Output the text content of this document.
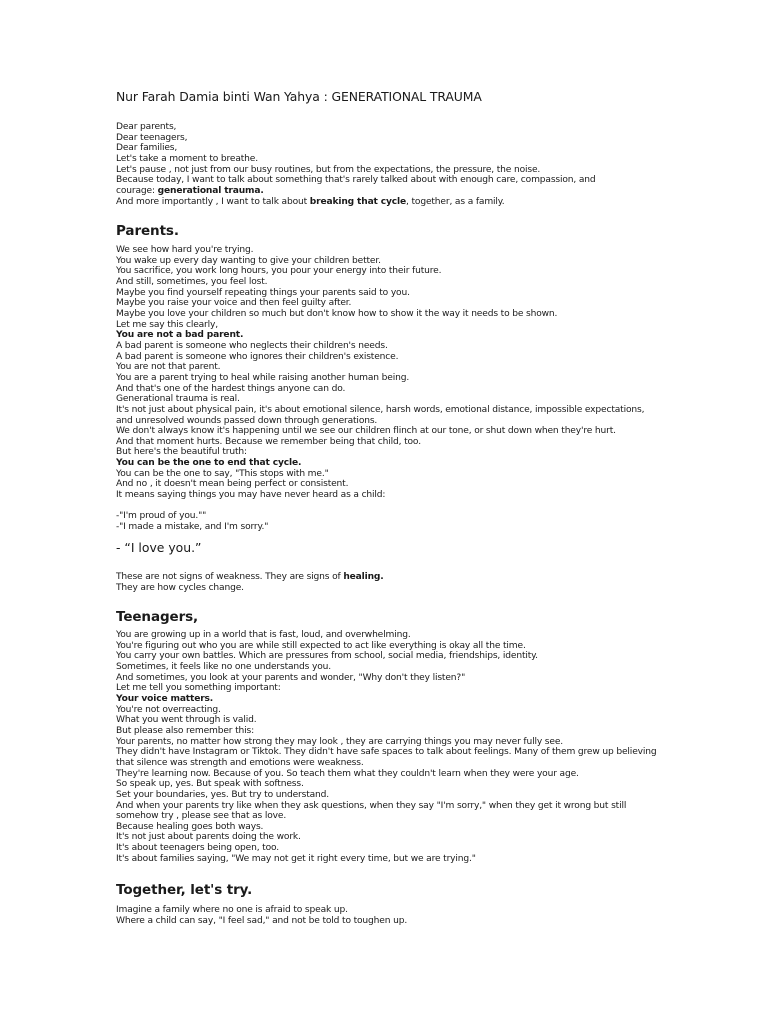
Nur Farah Damia binti Wan Yahya : GENERATIONAL TRAUMA
Dear parents,
Dear teenagers,
Dear families,
Let's take a moment to breathe.
Let's pause , not just from our busy routines, but from the expectations, the pressure, the noise.
Because today, I want to talk about something that's rarely talked about with enough care, compassion, and
courage: generational trauma.
And more importantly , I want to talk about breaking that cycle, together, as a family.
Parents.
We see how hard you're trying.
You wake up every day wanting to give your children better.
You sacrifice, you work long hours, you pour your energy into their future.
And still, sometimes, you feel lost.
Maybe you find yourself repeating things your parents said to you.
Maybe you raise your voice and then feel guilty after.
Maybe you love your children so much but don't know how to show it the way it needs to be shown.
Let me say this clearly,
You are not a bad parent.
A bad parent is someone who neglects their children's needs.
A bad parent is someone who ignores their children's existence.
You are not that parent.
You are a parent trying to heal while raising another human being.
And that's one of the hardest things anyone can do.
Generational trauma is real.
It's not just about physical pain, it's about emotional silence, harsh words, emotional distance, impossible expectations,
and unresolved wounds passed down through generations.
We don't always know it's happening until we see our children flinch at our tone, or shut down when they're hurt.
And that moment hurts. Because we remember being that child, too.
But here's the beautiful truth:
You can be the one to end that cycle.
You can be the one to say, "This stops with me."
And no , it doesn't mean being perfect or consistent.
It means saying things you may have never heard as a child:

-"I'm proud of you.""
-"I made a mistake, and I'm sorry."
- “I love you.”
These are not signs of weakness. They are signs of healing.
They are how cycles change.
Teenagers,
You are growing up in a world that is fast, loud, and overwhelming.
You're figuring out who you are while still expected to act like everything is okay all the time.
You carry your own battles. Which are pressures from school, social media, friendships, identity.
Sometimes, it feels like no one understands you.
And sometimes, you look at your parents and wonder, "Why don't they listen?"
Let me tell you something important:
Your voice matters.
You're not overreacting.
What you went through is valid.
But please also remember this:
Your parents, no matter how strong they may look , they are carrying things you may never fully see.
They didn't have Instagram or Tiktok. They didn't have safe spaces to talk about feelings. Many of them grew up believing
that silence was strength and emotions were weakness.
They're learning now. Because of you. So teach them what they couldn't learn when they were your age.
So speak up, yes. But speak with softness.
Set your boundaries, yes. But try to understand.
And when your parents try like when they ask questions, when they say "I'm sorry," when they get it wrong but still
somehow try , please see that as love.
Because healing goes both ways.
It's not just about parents doing the work.
It's about teenagers being open, too.
It's about families saying, "We may not get it right every time, but we are trying."
Together, let's try.
Imagine a family where no one is afraid to speak up.
Where a child can say, "I feel sad," and not be told to toughen up.
